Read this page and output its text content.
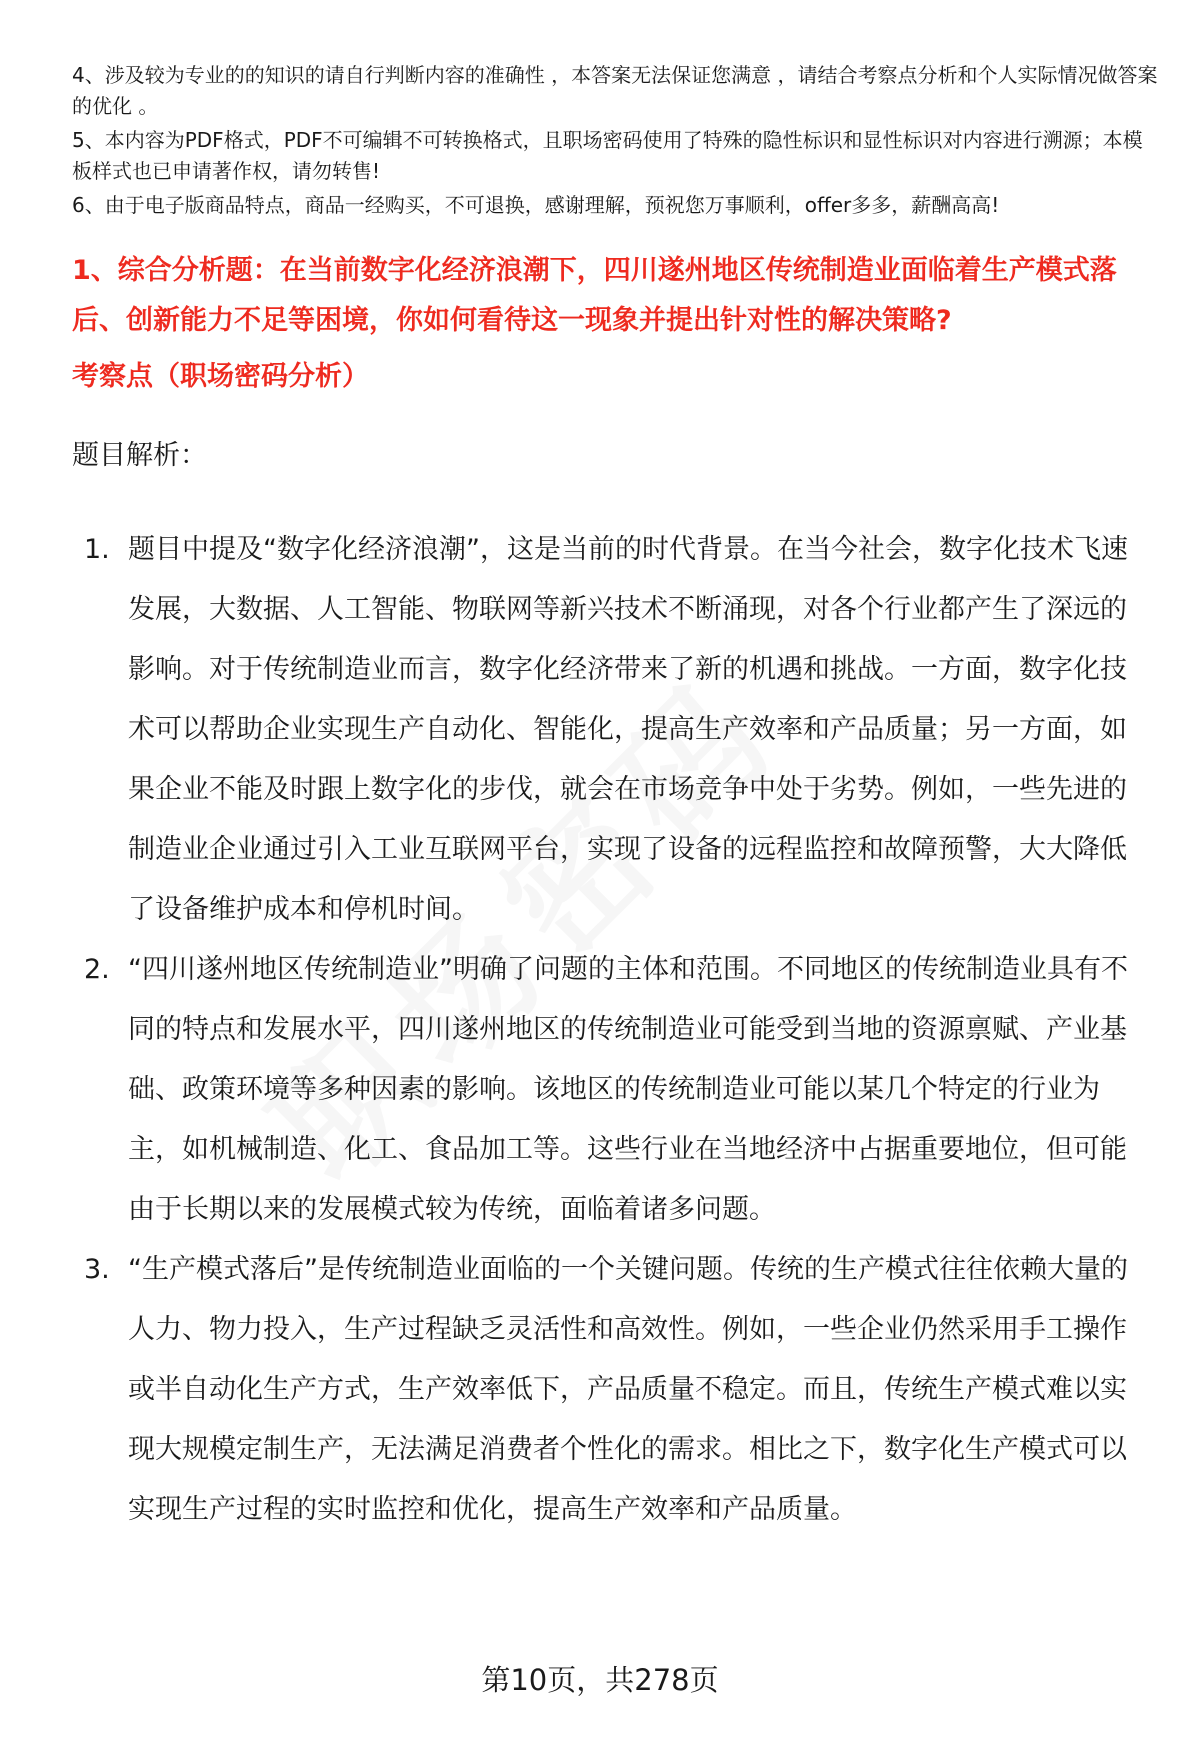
4、涉及较为专业的的知识的请自行判断内容的准确性 ，本答案无法保证您满意 ，请结合考察点分析和个人实际情况做答案的优化 。

5、本内容为PDF格式，PDF不可编辑不可转换格式，且职场密码使用了特殊的隐性标识和显性标识对内容进行溯源；本模板样式也已申请著作权，请勿转售!

6、由于电子版商品特点，商品一经购买，不可退换，感谢理解，预祝您万事顺利，offer多多，薪酬高高!

1、综合分析题：在当前数字化经济浪潮下，四川遂州地区传统制造业面临着生产模式落后、创新能力不足等困境，你如何看待这一现象并提出针对性的解决策略?
考察点（职场密码分析）
题目解析：
1. 题目中提及“数字化经济浪潮”，这是当前的时代背景。在当今社会，数字化技术飞速发展，大数据、人工智能、物联网等新兴技术不断涌现，对各个行业都产生了深远的影响。对于传统制造业而言，数字化经济带来了新的机遇和挑战。一方面，数字化技术可以帮助企业实现生产自动化、智能化，提高生产效率和产品质量；另一方面，如果企业不能及时跟上数字化的步伐，就会在市场竞争中处于劣势。例如，一些先进的制造业企业通过引入工业互联网平台，实现了设备的远程监控和故障预警，大大降低了设备维护成本和停机时间。
2. “四川遂州地区传统制造业”明确了问题的主体和范围。不同地区的传统制造业具有不同的特点和发展水平，四川遂州地区的传统制造业可能受到当地的资源禀赋、产业基础、政策环境等多种因素的影响。该地区的传统制造业可能以某几个特定的行业为主，如机械制造、化工、食品加工等。这些行业在当地经济中占据重要地位，但可能由于长期以来的发展模式较为传统，面临着诸多问题。
3. “生产模式落后”是传统制造业面临的一个关键问题。传统的生产模式往往依赖大量的人力、物力投入，生产过程缺乏灵活性和高效性。例如，一些企业仍然采用手工操作或半自动化生产方式，生产效率低下，产品质量不稳定。而且，传统生产模式难以实现大规模定制生产，无法满足消费者个性化的需求。相比之下，数字化生产模式可以实现生产过程的实时监控和优化，提高生产效率和产品质量。
第10页，共278页
